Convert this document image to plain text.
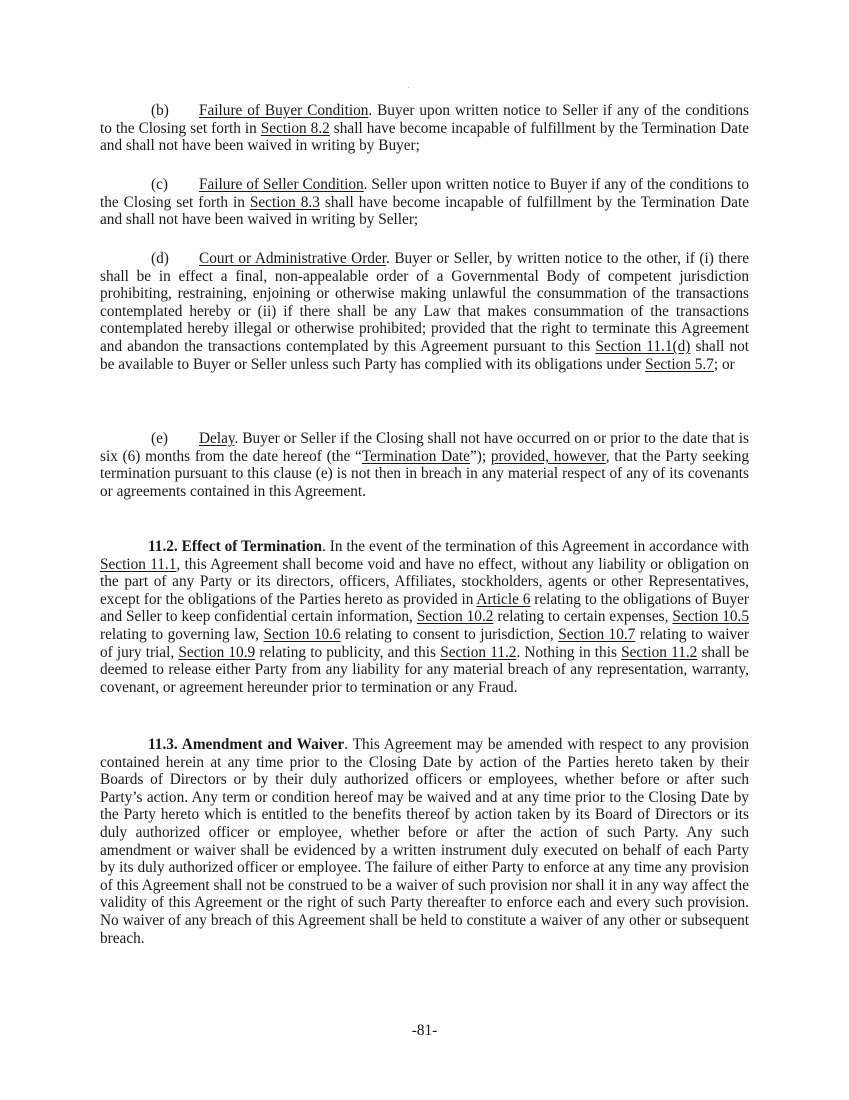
(b) Failure of Buyer Condition. Buyer upon written notice to Seller if any of the conditions to the Closing set forth in Section 8.2 shall have become incapable of fulfillment by the Termination Date and shall not have been waived in writing by Buyer;

(c) Failure of Seller Condition. Seller upon written notice to Buyer if any of the conditions to the Closing set forth in Section 8.3 shall have become incapable of fulfillment by the Termination Date and shall not have been waived in writing by Seller;

(d) Court or Administrative Order. Buyer or Seller, by written notice to the other, if (i) there shall be in effect a final, non-appealable order of a Governmental Body of competent jurisdiction prohibiting, restraining, enjoining or otherwise making unlawful the consummation of the transactions contemplated hereby or (ii) if there shall be any Law that makes consummation of the transactions contemplated hereby illegal or otherwise prohibited; provided that the right to terminate this Agreement and abandon the transactions contemplated by this Agreement pursuant to this Section 11.1(d) shall not be available to Buyer or Seller unless such Party has complied with its obligations under Section 5.7; or

(e) Delay. Buyer or Seller if the Closing shall not have occurred on or prior to the date that is six (6) months from the date hereof (the “Termination Date”); provided, however, that the Party seeking termination pursuant to this clause (e) is not then in breach in any material respect of any of its covenants or agreements contained in this Agreement.

11.2. Effect of Termination. In the event of the termination of this Agreement in accordance with Section 11.1, this Agreement shall become void and have no effect, without any liability or obligation on the part of any Party or its directors, officers, Affiliates, stockholders, agents or other Representatives, except for the obligations of the Parties hereto as provided in Article 6 relating to the obligations of Buyer and Seller to keep confidential certain information, Section 10.2 relating to certain expenses, Section 10.5 relating to governing law, Section 10.6 relating to consent to jurisdiction, Section 10.7 relating to waiver of jury trial, Section 10.9 relating to publicity, and this Section 11.2. Nothing in this Section 11.2 shall be deemed to release either Party from any liability for any material breach of any representation, warranty, covenant, or agreement hereunder prior to termination or any Fraud.

11.3. Amendment and Waiver. This Agreement may be amended with respect to any provision contained herein at any time prior to the Closing Date by action of the Parties hereto taken by their Boards of Directors or by their duly authorized officers or employees, whether before or after such Party’s action. Any term or condition hereof may be waived and at any time prior to the Closing Date by the Party hereto which is entitled to the benefits thereof by action taken by its Board of Directors or its duly authorized officer or employee, whether before or after the action of such Party. Any such amendment or waiver shall be evidenced by a written instrument duly executed on behalf of each Party by its duly authorized officer or employee. The failure of either Party to enforce at any time any provision of this Agreement shall not be construed to be a waiver of such provision nor shall it in any way affect the validity of this Agreement or the right of such Party thereafter to enforce each and every such provision. No waiver of any breach of this Agreement shall be held to constitute a waiver of any other or subsequent breach.

-81-
